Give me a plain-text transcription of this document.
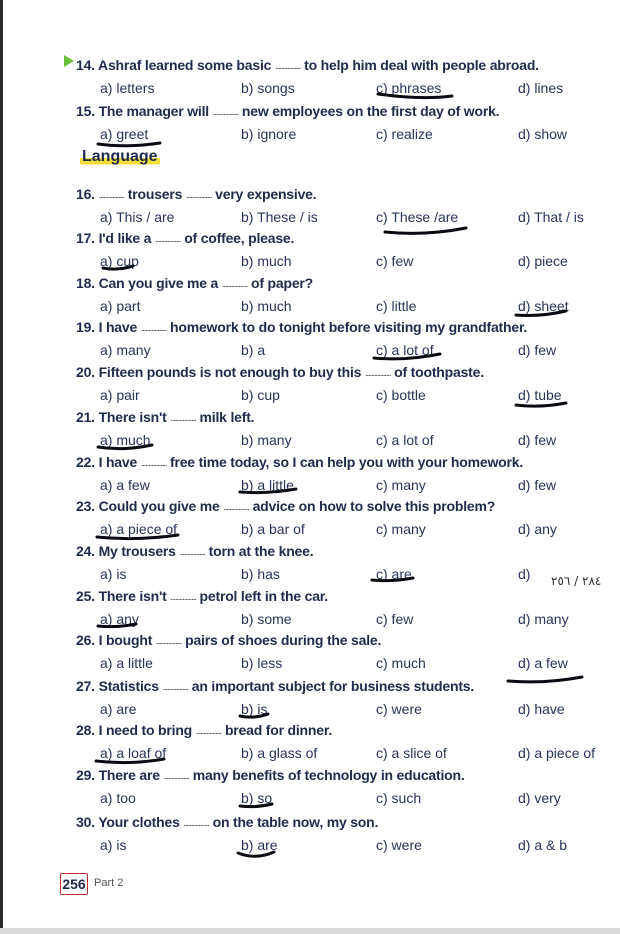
Language
14. Ashraf learned some basic ................. to help him deal with people abroad.
a) letters	b) songs	c) phrases	d) lines
15. The manager will ................. new employees on the first day of work.
a) greet	b) ignore	c) realize	d) show
16. ................. trousers ................. very expensive.
a) This / are	b) These / is	c) These /are	d) That / is
17. I'd like a ................. of coffee, please.
a) cup	b) much	c) few	d) piece
18. Can you give me a ................. of paper?
a) part	b) much	c) little	d) sheet
19. I have ................. homework to do tonight before visiting my grandfather.
a) many	b) a	c) a lot of	d) few
20. Fifteen pounds is not enough to buy this ................. of toothpaste.
a) pair	b) cup	c) bottle	d) tube
21. There isn't ................. milk left.
a) much	b) many	c) a lot of	d) few
22. I have ................. free time today, so I can help you with your homework.
a) a few	b) a little	c) many	d) few
23. Could you give me ................. advice on how to solve this problem?
a) a piece of	b) a bar of	c) many	d) any
24. My trousers ................. torn at the knee.
a) is	b) has	c) are	d)
25. There isn't ................. petrol left in the car.
a) any	b) some	c) few	d) many
26. I bought ................. pairs of shoes during the sale.
a) a little	b) less	c) much	d) a few
27. Statistics ................. an important subject for business students.
a) are	b) is	c) were	d) have
28. I need to bring ................. bread for dinner.
a) a loaf of	b) a glass of	c) a slice of	d) a piece of
29. There are ................. many benefits of technology in education.
a) too	b) so	c) such	d) very
30. Your clothes ................. on the table now, my son.
a) is	b) are	c) were	d) a & b
٢٨٤ / ٢٥٦
256 Part 2
